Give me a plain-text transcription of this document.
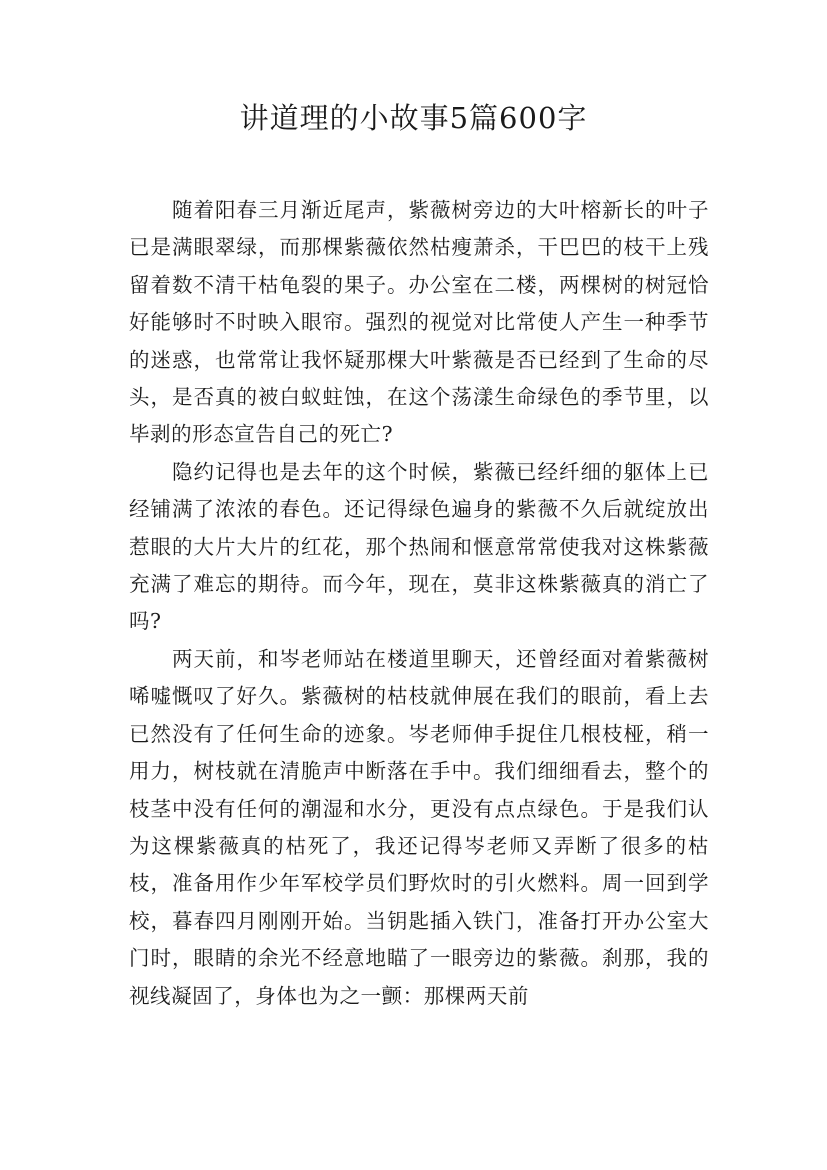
讲道理的小故事5篇600字

随着阳春三月渐近尾声，紫薇树旁边的大叶榕新长的叶子已是满眼翠绿，而那棵紫薇依然枯瘦萧杀，干巴巴的枝干上残留着数不清干枯龟裂的果子。办公室在二楼，两棵树的树冠恰好能够时不时映入眼帘。强烈的视觉对比常使人产生一种季节的迷惑，也常常让我怀疑那棵大叶紫薇是否已经到了生命的尽头，是否真的被白蚁蛀蚀，在这个荡漾生命绿色的季节里，以毕剥的形态宣告自己的死亡?

隐约记得也是去年的这个时候，紫薇已经纤细的躯体上已经铺满了浓浓的春色。还记得绿色遍身的紫薇不久后就绽放出惹眼的大片大片的红花，那个热闹和惬意常常使我对这株紫薇充满了难忘的期待。而今年，现在，莫非这株紫薇真的消亡了吗?

两天前，和岑老师站在楼道里聊天，还曾经面对着紫薇树唏嘘慨叹了好久。紫薇树的枯枝就伸展在我们的眼前，看上去已然没有了任何生命的迹象。岑老师伸手捉住几根枝桠，稍一用力，树枝就在清脆声中断落在手中。我们细细看去，整个的枝茎中没有任何的潮湿和水分，更没有点点绿色。于是我们认为这棵紫薇真的枯死了，我还记得岑老师又弄断了很多的枯枝，准备用作少年军校学员们野炊时的引火燃料。周一回到学校，暮春四月刚刚开始。当钥匙插入铁门，准备打开办公室大门时，眼睛的余光不经意地瞄了一眼旁边的紫薇。刹那，我的视线凝固了，身体也为之一颤：那棵两天前
